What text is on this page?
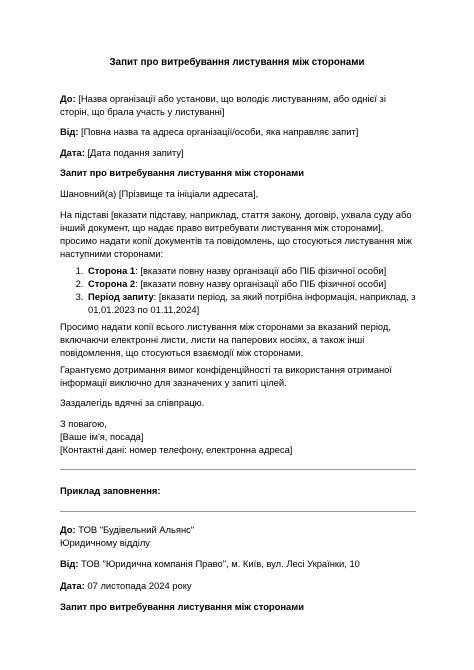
Запит про витребування листування між сторонами

До: [Назва організації або установи, що володіє листуванням, або однієї зі сторін, що брала участь у листуванні]

Від: [Повна назва та адреса організації/особи, яка направляє запит]

Дата: [Дата подання запиту]

Запит про витребування листування між сторонами

Шановний(а) [Прізвище та ініціали адресата],

На підставі [вказати підставу, наприклад, стаття закону, договір, ухвала суду або інший документ, що надає право витребувати листування між сторонами], просимо надати копії документів та повідомлень, що стосуються листування між наступними сторонами:

1. Сторона 1: [вказати повну назву організації або ПІБ фізичної особи]
2. Сторона 2: [вказати повну назву організації або ПІБ фізичної особи]
3. Період запиту: [вказати період, за який потрібна інформація, наприклад, з 01.01.2023 по 01.11.2024]

Просимо надати копії всього листування між сторонами за вказаний період, включаючи електронні листи, листи на паперових носіях, а також інші повідомлення, що стосуються взаємодії між сторонами.

Гарантуємо дотримання вимог конфіденційності та використання отриманої інформації виключно для зазначених у запиті цілей.

Заздалегідь вдячні за співпрацю.

З повагою,

[Ваше ім'я, посада]

[Контактні дані: номер телефону, електронна адреса]

Приклад заповнення:

До: ТОВ "Будівельний Альянс"

Юридичному відділу

Від: ТОВ "Юридична компанія Право", м. Київ, вул. Лесі Українки, 10

Дата: 07 листопада 2024 року

Запит про витребування листування між сторонами
